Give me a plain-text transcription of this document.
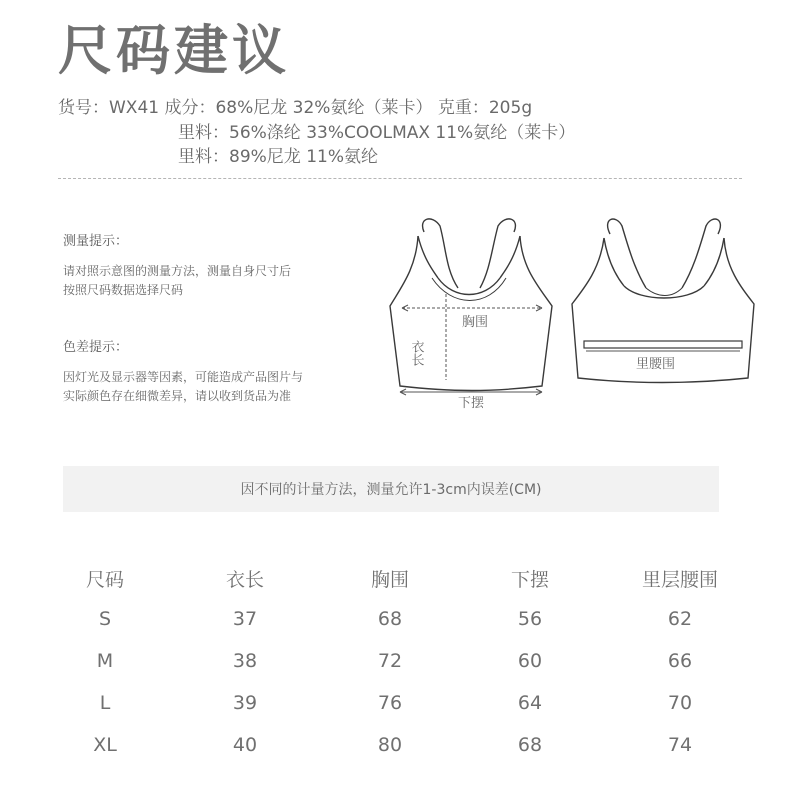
尺码建议
货号：WX41 成分：68%尼龙 32%氨纶（莱卡） 克重：205g
里料：56%涤纶 33%COOLMAX 11%氨纶（莱卡）
里料：89%尼龙 11%氨纶
测量提示：
请对照示意图的测量方法，测量自身尺寸后
按照尺码数据选择尺码
色差提示：
因灯光及显示器等因素，可能造成产品图片与
实际颜色存在细微差异，请以收到货品为准
衣长
胸围
下摆
里腰围
因不同的计量方法，测量允许1-3cm内误差(CM)
尺码	衣长	胸围	下摆	里层腰围
S	37	68	56	62
M	38	72	60	66
L	39	76	64	70
XL	40	80	68	74
